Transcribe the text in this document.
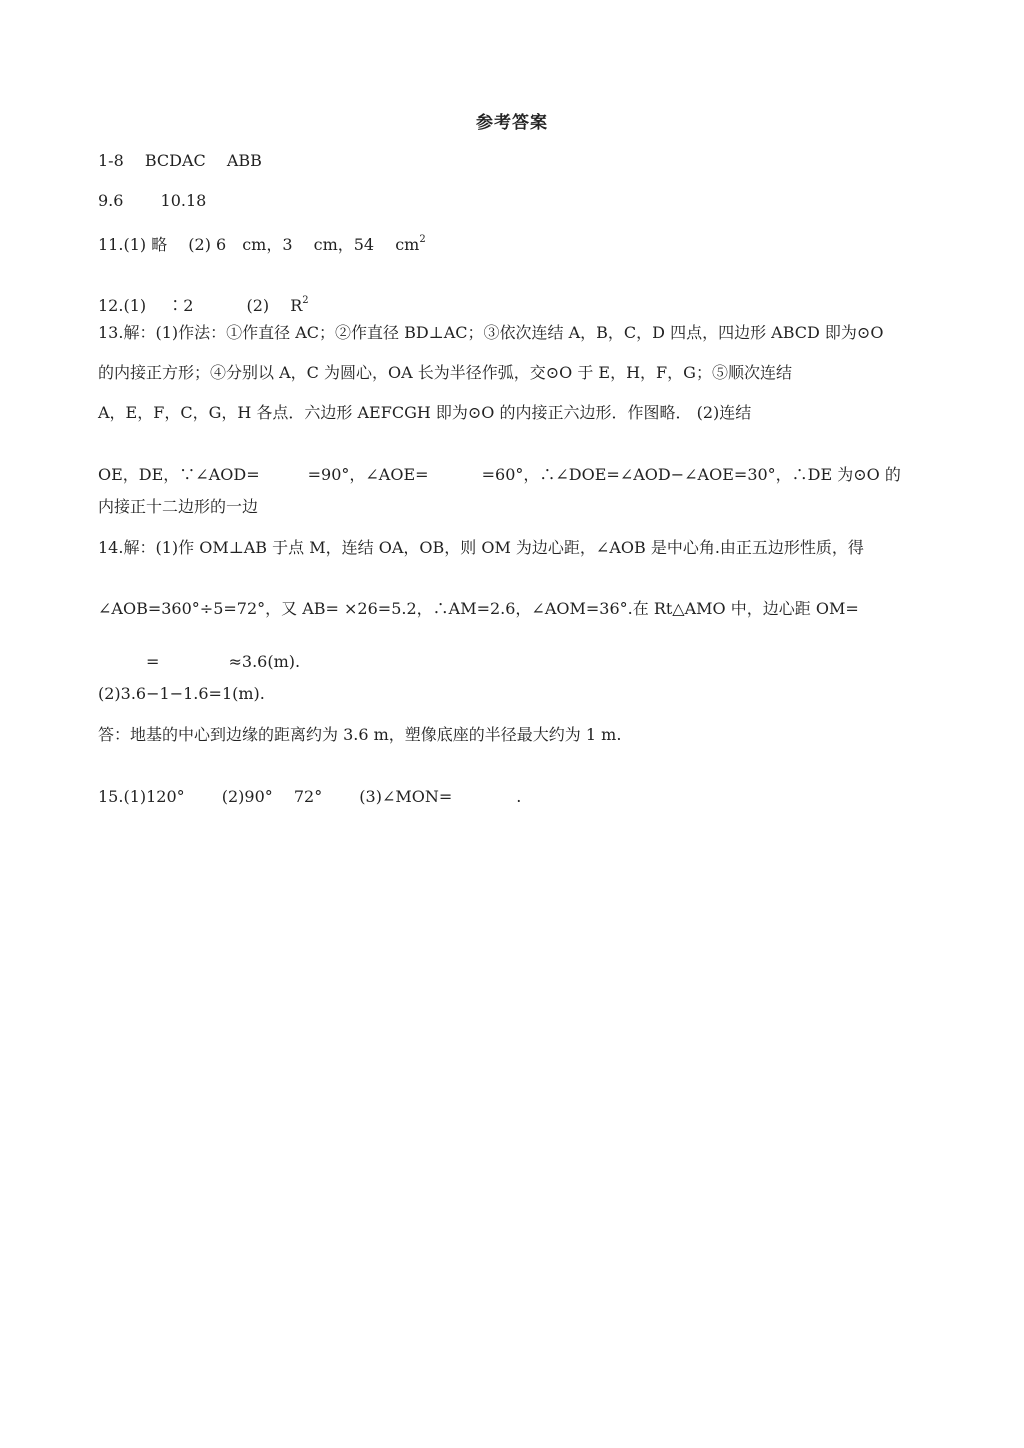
参考答案
1-8　 BCDAC　 ABB
9.6　　 10.18
11.(1) 略　 (2) 6　cm，3　 cm，54　 $cm^2$
12.(1)　 ∶2　　　 (2)　 $R^2$
13.解：(1)作法：①作直径 AC；②作直径 BD⊥AC；③依次连结 A，B，C，D 四点，四边形 ABCD 即为⊙O
的内接正方形；④分别以 A，C 为圆心，OA 长为半径作弧，交⊙O 于 E，H，F，G；⑤顺次连结
A，E，F，C，G，H 各点．六边形 AEFCGH 即为⊙O 的内接正六边形．作图略． (2)连结
OE，DE，∵∠AOD=　　　=90°，∠AOE=　　　 =60°，∴∠DOE=∠AOD−∠AOE=30°，∴DE 为⊙O 的
内接正十二边形的一边
14.解：(1)作 OM⊥AB 于点 M，连结 OA，OB，则 OM 为边心距，∠AOB 是中心角.由正五边形性质，得
∠AOB=360°÷5=72°，又 AB= ×26=5.2，∴AM=2.6，∠AOM=36°.在 Rt△AMO 中，边心距 OM=
　　　=　　　　 ≈3.6(m).
(2)3.6−1−1.6=1(m).
答：地基的中心到边缘的距离约为 3.6 m，塑像底座的半径最大约为 1 m.
15.(1)120°　　 (2)90°　 72°　　 (3)∠MON=　　　　.
